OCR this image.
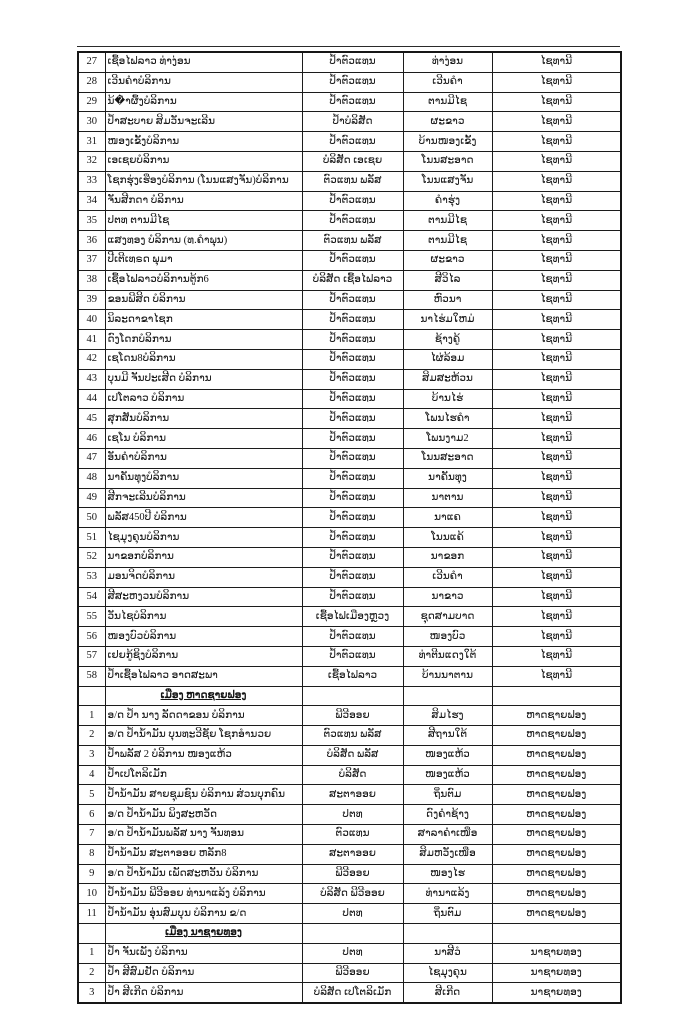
27	ເຊື້ອໄຟລາວ ທ່າງ່ອນ	ປ້ຳຕົວແທນ	ທ່າງ່ອນ	ໄຊທານີ
28	ເວີນຄຳບໍລິການ	ປ້ຳຕົວແທນ	ເວີນຄຳ	ໄຊທານີ
29	ນ້�ຳຜຶ້ງບໍລິການ	ປ້ຳຕົວແທນ	ຕານມີໄຊ	ໄຊທານີ
30	ປ້ຳສະບາຍ ສິມວັນຈະເລີນ	ປ້ຳບໍລິສັດ	ຜະຂາວ	ໄຊທານີ
31	ໜອງເຂັ້ງບໍລິການ	ປ້ຳຕົວແທນ	ບ້ານໜອງເຂັ້ງ	ໄຊທານີ
32	ເອເຊຍບໍລິການ	ບໍລິສັດ ເອເຊຍ	ໂນນສະອາດ	ໄຊທານີ
33	ໂຊກຮຸ່ງເຮືອງບໍລິການ (ໂນນແສງຈັນ)ບໍລິການ	ຕົວແທນ ພລັສ	ໂນນແສງຈັນ	ໄຊທານີ
34	ຈັນສີກດາ ບໍລິການ	ປ້ຳຕົວແທນ	ຄຳຮຸ່ງ	ໄຊທານີ
35	ປຕທ ຕານມີໄຊ	ປ້ຳຕົວແທນ	ຕານມີໄຊ	ໄຊທານີ
36	ແສງທອງ ບໍລິການ (ທ.ຄຳພຸນ)	ຕົວແທນ ພລັສ	ຕານມີໄຊ	ໄຊທານີ
37	ປີເຕີເທຣດ ພຸມາ	ປ້ຳຕົວແທນ	ຜະຂາວ	ໄຊທານີ
38	ເຊື້ອໄຟລາວບໍລິການຕູ້ກ6	ບໍລິສັດ ເຊື້ອໄຟລາວ	ສີວິໄລ	ໄຊທານີ
39	ຂອນພີສິດ ບໍລິການ	ປ້ຳຕົວແທນ	ຫົວນາ	ໄຊທານີ
40	ນິລະດາຂາໄຊກ	ປ້ຳຕົວແທນ	ນາໄຮ່ມໃຫມ່	ໄຊທານີ
41	ດົງໂດກບໍລິການ	ປ້ຳຕົວແທນ	ຊ້າງຄູ້	ໄຊທານີ
42	ເຊໂດນ8ບໍລິການ	ປ້ຳຕົວແທນ	ໄຜ່ລ້ອມ	ໄຊທານີ
43	ບຸນມີ ຈັນປະເສີດ ບໍລິການ	ປ້ຳຕົວແທນ	ສິມສະຫ້ວນ	ໄຊທານີ
44	ເປໂຕລາວ ບໍລິການ	ປ້ຳຕົວແທນ	ບ້ານໄຮ່	ໄຊທານີ
45	ສຸກສັນບໍລິການ	ປ້ຳຕົວແທນ	ໂພນໄຮຄຳ	ໄຊທານີ
46	ເຊໂນ ບໍລິການ	ປ້ຳຕົວແທນ	ໂພນງາມ2	ໄຊທານີ
47	ອັນຄຳບໍລິການ	ປ້ຳຕົວແທນ	ໂນນສະອາດ	ໄຊທານີ
48	ນາຄັນທຸງບໍລິການ	ປ້ຳຕົວແທນ	ນາຄັນທຸງ	ໄຊທານີ
49	ສີກຈະເລີນບໍລິການ	ປ້ຳຕົວແທນ	ນາຕານ	ໄຊທານີ
50	ພລັສ450ປີ ບໍລິການ	ປ້ຳຕົວແທນ	ນາແຄ	ໄຊທານີ
51	ໄຊມຸງຄຸນບໍລິການ	ປ້ຳຕົວແທນ	ໂນນແຄ້	ໄຊທານີ
52	ນາຂອກບໍລິການ	ປ້ຳຕົວແທນ	ນາຂອກ	ໄຊທານີ
53	ມອນຈິດບໍລິການ	ປ້ຳຕົວແທນ	ເວີນຄຳ	ໄຊທານີ
54	ສີສະຫງວນບໍລິການ	ປ້ຳຕົວແທນ	ນາຂາວ	ໄຊທານີ
55	ວັນໄຊບໍລິການ	ເຊື້ອໄຟເມືອງຫຼວງ	ຊຸດສາມບາດ	ໄຊທານີ
56	ໜອງບົວບໍລິການ	ປ້ຳຕົວແທນ	ໜອງບົວ	ໄຊທານີ
57	ເຢຍກູ້ຊິງບໍລິການ	ປ້ຳຕົວແທນ	ທ່າຕີນແດງໃຕ້	ໄຊທານີ
58	ປ້ຳເຊື້ອໄຟລາວ ອາດສະພາ	ເຊື້ອໄຟລາວ	ບ້ານນາຕານ	ໄຊທານີ
	ເມືອງ ຫາດຊາຍຟອງ			
1	ອ/ດ ປ້ຳ ນາງ ລັດດາຂອນ ບໍລິການ	ພີວີອອຍ	ສິມໄຮງ	ຫາດຊາຍຟອງ
2	ອ/ດ ປ້ຳນ້ຳມັນ ບຸນທະວີຊັຍ ໂຊກອຳນວຍ	ຕົວແທນ ພລັສ	ສີຖານໃຕ້	ຫາດຊາຍຟອງ
3	ປ້ຳພລັສ 2 ບໍລິການ ໜອງແຫ້ວ	ບໍລິສັດ ພລັສ	ໜອງແຫ້ວ	ຫາດຊາຍຟອງ
4	ປ້ຳເປໂຕລິເມັກ	ບໍລິສັດ	ໜອງແຫ້ວ	ຫາດຊາຍຟອງ
5	ປ້ຳນ້ຳມັນ ສາຍຊຸມຊົນ ບໍລິການ ສ່ວນບຸກຄົນ	ສະຕາອອຍ	ຖິ່ນຕົມ	ຫາດຊາຍຟອງ
6	ອ/ດ ປ້ຳນ້ຳມັນ ພິງສະຫວັດ	ປຕທ	ດົງຄຳຊ້າງ	ຫາດຊາຍຟອງ
7	ອ/ດ ປ້ຳນ້ຳມັນພລັສ ນາງ ຈັນທອນ	ຕົວແທນ	ສາລາຄຳເໜືອ	ຫາດຊາຍຟອງ
8	ປ້ຳນ້ຳມັນ ສະຕາອອຍ ຫລັກ8	ສະຕາອອຍ	ສິມຫວັງເໜືອ	ຫາດຊາຍຟອງ
9	ອ/ດ ປ້ຳນ້ຳມັນ ເພັດສະຫວັນ ບໍລິການ	ພີວີອອຍ	ໜອງໄຮ	ຫາດຊາຍຟອງ
10	ປ້ຳນ້ຳມັນ ພີວີອອຍ ທ່ານາແລ້ງ ບໍລິການ	ບໍລິສັດ ພີວີອອຍ	ທ່ານາແລ້ງ	ຫາດຊາຍຟອງ
11	ປ້ຳນ້ຳມັນ ອຸ່ນສົມບຸນ ບໍລິການ ຂ/ດ	ປຕທ	ຖິ່ນຕົມ	ຫາດຊາຍຟອງ
	ເມືອງ ນາຊາຍທອງ			
1	ປ້ຳ ຈັນເພັງ ບໍລິການ	ປຕທ	ນາສີວໍ	ນາຊາຍທອງ
2	ປ້ຳ ສີສົມຢັດ ບໍລິການ	ພີວີອອຍ	ໄຊມຸງຄຸນ	ນາຊາຍທອງ
3	ປ້ຳ ສີເກີດ ບໍລິການ	ບໍລິສັດ ເປໂຕລິເມັກ	ສີເກີດ	ນາຊາຍທອງ
